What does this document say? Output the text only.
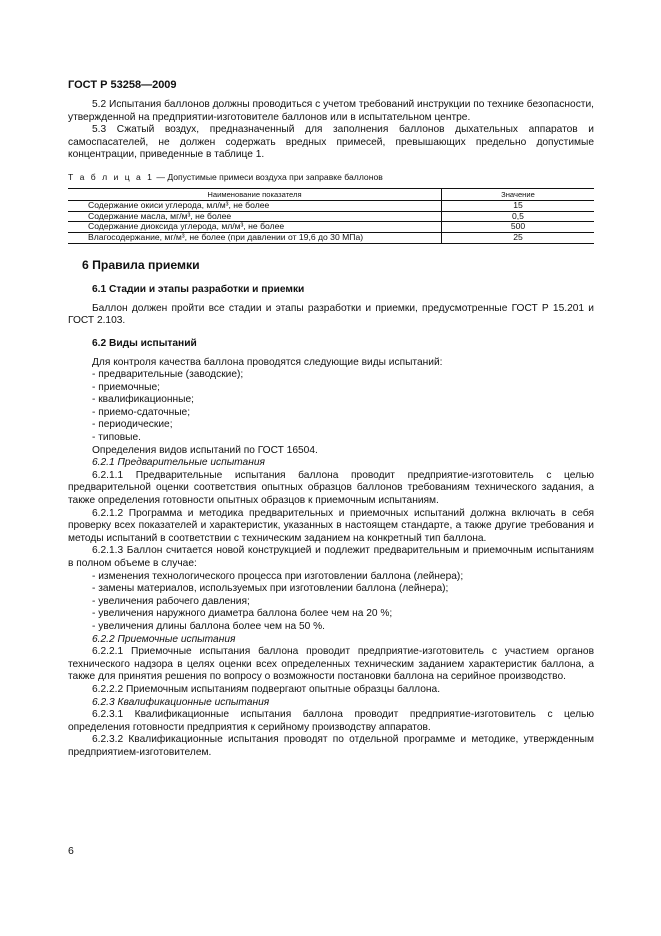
ГОСТ Р 53258—2009

5.2 Испытания баллонов должны проводиться с учетом требований инструкции по технике безопасности, утвержденной на предприятии-изготовителе баллонов или в испытательном центре.

5.3 Сжатый воздух, предназначенный для заполнения баллонов дыхательных аппаратов и самоспасателей, не должен содержать вредных примесей, превышающих предельно допустимые концентрации, приведенные в таблице 1.

Т а б л и ц а 1 — Допустимые примеси воздуха при заправке баллонов
Наименование показателя	Значение
Содержание окиси углерода, мл/м³, не более	15
Содержание масла, мг/м³, не более	0,5
Содержание диоксида углерода, мл/м³, не более	500
Влагосодержание, мг/м³, не более (при давлении от 19,6 до 30 МПа)	25
6 Правила приемки
6.1 Стадии и этапы разработки и приемки

Баллон должен пройти все стадии и этапы разработки и приемки, предусмотренные ГОСТ Р 15.201 и ГОСТ 2.103.

6.2 Виды испытаний

Для контроля качества баллона проводятся следующие виды испытаний:

- предварительные (заводские);

- приемочные;

- квалификационные;

- приемо-сдаточные;

- периодические;

- типовые.

Определения видов испытаний по ГОСТ 16504.

6.2.1 Предварительные испытания

6.2.1.1 Предварительные испытания баллона проводит предприятие-изготовитель с целью предварительной оценки соответствия опытных образцов баллонов требованиям технического задания, а также определения готовности опытных образцов к приемочным испытаниям.

6.2.1.2 Программа и методика предварительных и приемочных испытаний должна включать в себя проверку всех показателей и характеристик, указанных в настоящем стандарте, а также другие требования и методы испытаний в соответствии с техническим заданием на конкретный тип баллона.

6.2.1.3 Баллон считается новой конструкцией и подлежит предварительным и приемочным испытаниям в полном объеме в случае:

- изменения технологического процесса при изготовлении баллона (лейнера);

- замены материалов, используемых при изготовлении баллона (лейнера);

- увеличения рабочего давления;

- увеличения наружного диаметра баллона более чем на 20 %;

- увеличения длины баллона более чем на 50 %.

6.2.2 Приемочные испытания

6.2.2.1 Приемочные испытания баллона проводит предприятие-изготовитель с участием органов технического надзора в целях оценки всех определенных техническим заданием характеристик баллона, а также для принятия решения по вопросу о возможности постановки баллона на серийное производство.

6.2.2.2 Приемочным испытаниям подвергают опытные образцы баллона.

6.2.3 Квалификационные испытания

6.2.3.1 Квалификационные испытания баллона проводит предприятие-изготовитель с целью определения готовности предприятия к серийному производству аппаратов.

6.2.3.2 Квалификационные испытания проводят по отдельной программе и методике, утвержденным предприятием-изготовителем.

6
